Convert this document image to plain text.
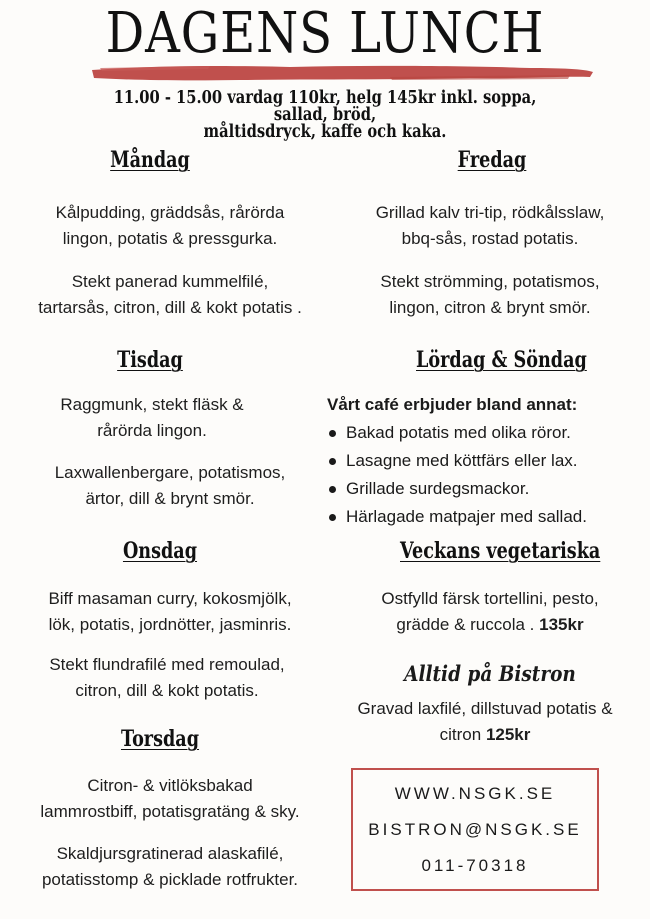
DAGENS LUNCH
11.00 - 15.00 vardag 110kr, helg 145kr inkl. soppa, sallad, bröd,
måltidsdryck, kaffe och kaka.
Måndag
Kålpudding, gräddsås, rårörda
lingon, potatis & pressgurka.
Stekt panerad kummelfilé,
tartarsås, citron, dill & kokt potatis .
Tisdag
Raggmunk, stekt fläsk &
rårörda lingon.
Laxwallenbergare, potatismos,
ärtor, dill & brynt smör.
Onsdag
Biff masaman curry, kokosmjölk,
lök, potatis, jordnötter, jasminris.
Stekt flundrafilé med remoulad,
citron, dill & kokt potatis.
Torsdag
Citron- & vitlöksbakad
lammrostbiff, potatisgratäng & sky.
Skaldjursgratinerad alaskafilé,
potatisstomp & picklade rotfrukter.
Fredag
Grillad kalv tri-tip, rödkålsslaw,
bbq-sås, rostad potatis.
Stekt strömming, potatismos,
lingon, citron & brynt smör.
Lördag & Söndag
Vårt café erbjuder bland annat:
Bakad potatis med olika röror.
Lasagne med köttfärs eller lax.
Grillade surdegsmackor.
Härlagade matpajer med sallad.
Veckans vegetariska
Ostfylld färsk tortellini, pesto,
grädde & ruccola . 135kr
Alltid på Bistron
Gravad laxfilé, dillstuvad potatis &
citron 125kr
WWW.NSGK.SE
BISTRON@NSGK.SE
011-70318
